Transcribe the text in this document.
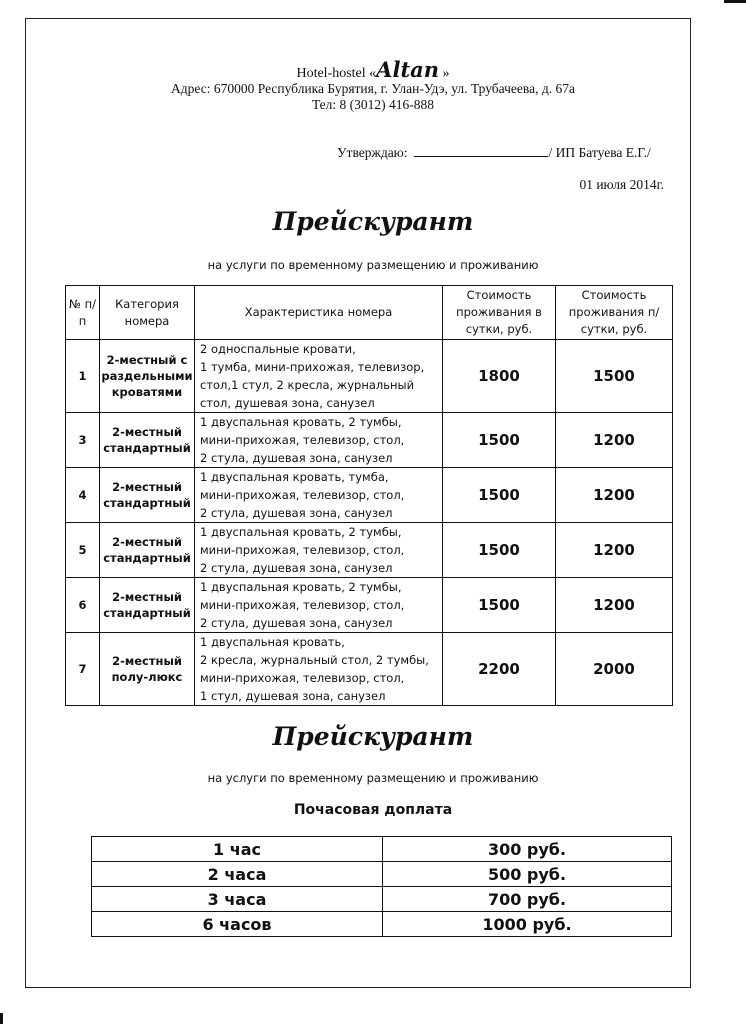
Hotel-hostel «Altan »
Адрес: 670000 Республика Бурятия, г. Улан-Удэ, ул. Трубачеева, д. 67а
Тел: 8 (3012) 416-888
Утверждаю:	/ ИП Батуева Е.Г./
01 июля 2014г.
Прейскурант
на услуги по временному размещению и проживанию
№ п/п	Категория номера	Характеристика номера	Стоимость проживания в сутки, руб.	Стоимость проживания п/сутки, руб.
1	2-местный с раздельными кроватями	2 односпальные кровати,
1 тумба, мини-прихожая, телевизор,
стол,1 стул, 2 кресла, журнальный
стол, душевая зона, санузел	1800	1500
3	2-местный стандартный	1 двуспальная кровать, 2 тумбы,
мини-прихожая, телевизор, стол,
2 стула, душевая зона, санузел	1500	1200
4	2-местный стандартный	1 двуспальная кровать, тумба,
мини-прихожая, телевизор, стол,
2 стула, душевая зона, санузел	1500	1200
5	2-местный стандартный	1 двуспальная кровать, 2 тумбы,
мини-прихожая, телевизор, стол,
2 стула, душевая зона, санузел	1500	1200
6	2-местный стандартный	1 двуспальная кровать, 2 тумбы,
мини-прихожая, телевизор, стол,
2 стула, душевая зона, санузел	1500	1200
7	2-местный полу-люкс	1 двуспальная кровать,
2 кресла, журнальный стол, 2 тумбы,
мини-прихожая, телевизор, стол,
1 стул, душевая зона, санузел	2200	2000
Прейскурант
на услуги по временному размещению и проживанию
Почасовая доплата
1 час	300 руб.
2 часа	500 руб.
3 часа	700 руб.
6 часов	1000 руб.
